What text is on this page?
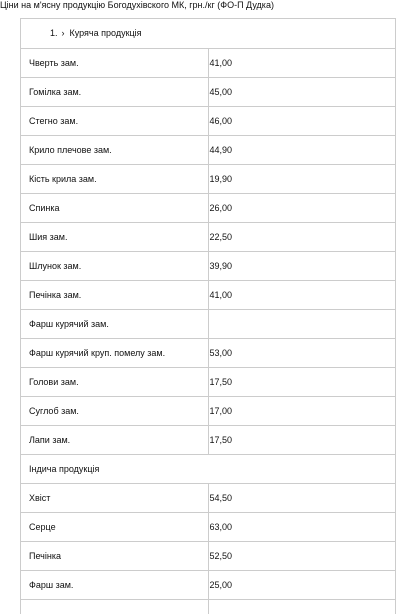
Ціни на м'ясну продукцію Богодухівского МК, грн./кг (ФО-П Дудка)
1. › Куряча продукція	
Чверть зам.	41,00
Гомілка зам.	45,00
Стегно зам.	46,00
Крило плечове зам.	44,90
Кість крила зам.	19,90
Спинка	26,00
Шия зам.	22,50
Шлунок зам.	39,90
Печінка зам.	41,00
Фарш курячий зам.	
Фарш курячий круп. помелу зам.	53,00
Голови зам.	17,50
Суглоб зам.	17,00
Лапи зам.	17,50
Індича продукція	
Хвіст	54,50
Серце	63,00
Печінка	52,50
Фарш зам.	25,00
